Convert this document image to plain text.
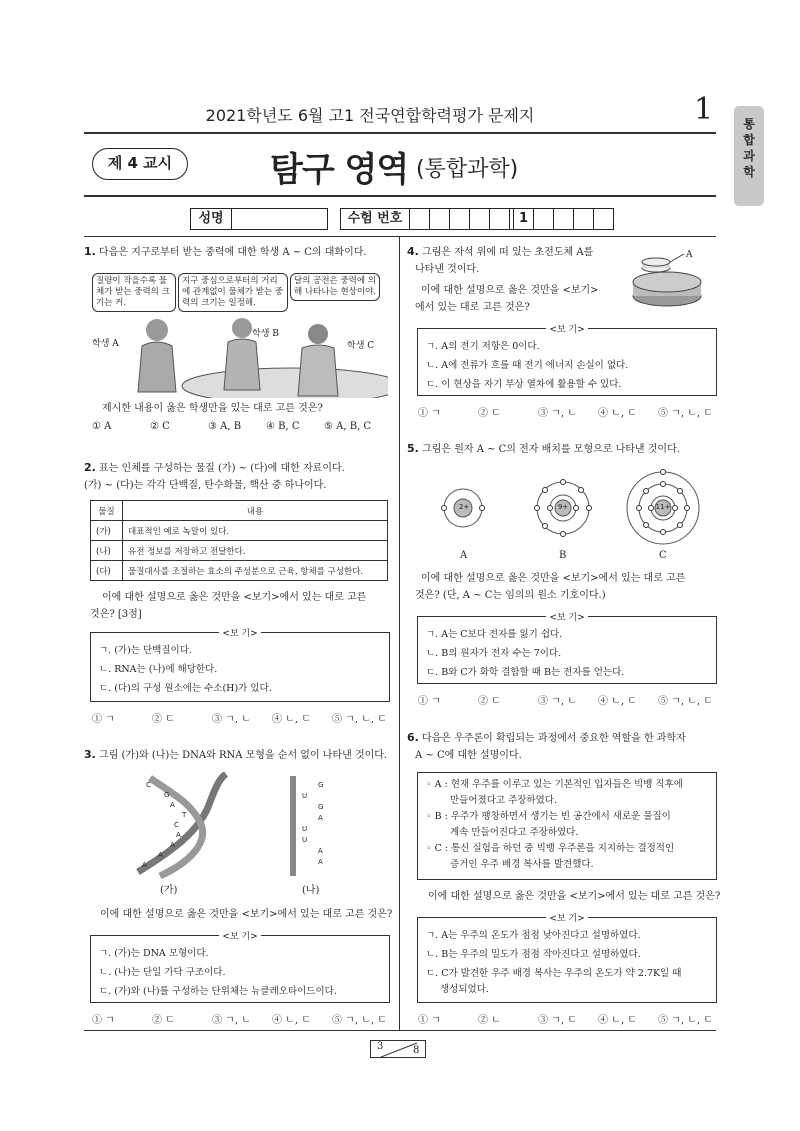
2021학년도 6월 고1 전국연합학력평가 문제지	1	통
합
과
학
제 4 교시	탐구 영역 (통합과학)
성명	수험 번호	1
1. 다음은 지구로부터 받는 중력에 대한 학생 A ~ C의 대화이다.
질량이 작을수록 물체가 받는 중력의 크기는 커.
지구 중심으로부터의 거리에 관계없이 물체가 받는 중력의 크기는 일정해.
달의 공전은 중력에 의해 나타나는 현상이야.
학생 A
학생 B
학생 C
제시한 내용이 옳은 학생만을 있는 대로 고른 것은?
① A	② C	③ A, B	④ B, C	⑤ A, B, C
2. 표는 인체를 구성하는 물질 (가) ~ (다)에 대한 자료이다.
(가) ~ (다)는 각각 단백질, 탄수화물, 핵산 중 하나이다.
물질	내용
(가)	대표적인 예로 녹말이 있다.
(나)	유전 정보를 저장하고 전달한다.
(다)	물질대사를 조절하는 효소의 주성분으로 근육, 항체를 구성한다.
이에 대한 설명으로 옳은 것만을 <보기>에서 있는 대로 고른
것은? [3점]
<보 기>
ㄱ. (가)는 단백질이다.
ㄴ. RNA는 (나)에 해당한다.
ㄷ. (다)의 구성 원소에는 수소(H)가 있다.
① ㄱ	② ㄷ	③ ㄱ, ㄴ	④ ㄴ, ㄷ	⑤ ㄱ, ㄴ, ㄷ
3. 그림 (가)와 (나)는 DNA와 RNA 모형을 순서 없이 나타낸 것이다.
C
G
A
T
C
A
A
A
A
G
U
G
A
U
U
A
A
(가)	(나)
이에 대한 설명으로 옳은 것만을 <보기>에서 있는 대로 고른 것은?
<보 기>
ㄱ. (가)는 DNA 모형이다.
ㄴ. (나)는 단일 가닥 구조이다.
ㄷ. (가)와 (나)를 구성하는 단위체는 뉴클레오타이드이다.
① ㄱ	② ㄷ	③ ㄱ, ㄴ	④ ㄴ, ㄷ	⑤ ㄱ, ㄴ, ㄷ
4. 그림은 자석 위에 떠 있는 초전도체 A를
나타낸 것이다.
이에 대한 설명으로 옳은 것만을 <보기>
에서 있는 대로 고른 것은?
A
<보 기>
ㄱ. A의 전기 저항은 0이다.
ㄴ. A에 전류가 흐를 때 전기 에너지 손실이 없다.
ㄷ. 이 현상을 자기 부상 열차에 활용할 수 있다.
① ㄱ	② ㄷ	③ ㄱ, ㄴ	④ ㄴ, ㄷ	⑤ ㄱ, ㄴ, ㄷ
5. 그림은 원자 A ~ C의 전자 배치를 모형으로 나타낸 것이다.
2+	9+	11+
A	B	C
이에 대한 설명으로 옳은 것만을 <보기>에서 있는 대로 고른
것은? (단, A ~ C는 임의의 원소 기호이다.)
<보 기>
ㄱ. A는 C보다 전자를 잃기 쉽다.
ㄴ. B의 원자가 전자 수는 7이다.
ㄷ. B와 C가 화학 결합할 때 B는 전자를 얻는다.
① ㄱ	② ㄷ	③ ㄱ, ㄴ	④ ㄴ, ㄷ	⑤ ㄱ, ㄴ, ㄷ
6. 다음은 우주론이 확립되는 과정에서 중요한 역할을 한 과학자
A ~ C에 대한 설명이다.
◦ A : 현재 우주를 이루고 있는 기본적인 입자들은 빅뱅 직후에
만들어졌다고 주장하였다.
◦ B : 우주가 팽창하면서 생기는 빈 공간에서 새로운 물질이
계속 만들어진다고 주장하였다.
◦ C : 통신 실험을 하던 중 빅뱅 우주론을 지지하는 결정적인
증거인 우주 배경 복사를 발견했다.
이에 대한 설명으로 옳은 것만을 <보기>에서 있는 대로 고른 것은?
<보 기>
ㄱ. A는 우주의 온도가 점점 낮아진다고 설명하였다.
ㄴ. B는 우주의 밀도가 점점 작아진다고 설명하였다.
ㄷ. C가 발견한 우주 배경 복사는 우주의 온도가 약 2.7K일 때
생성되었다.
① ㄱ	② ㄴ	③ ㄱ, ㄷ	④ ㄴ, ㄷ	⑤ ㄱ, ㄴ, ㄷ
3	8
